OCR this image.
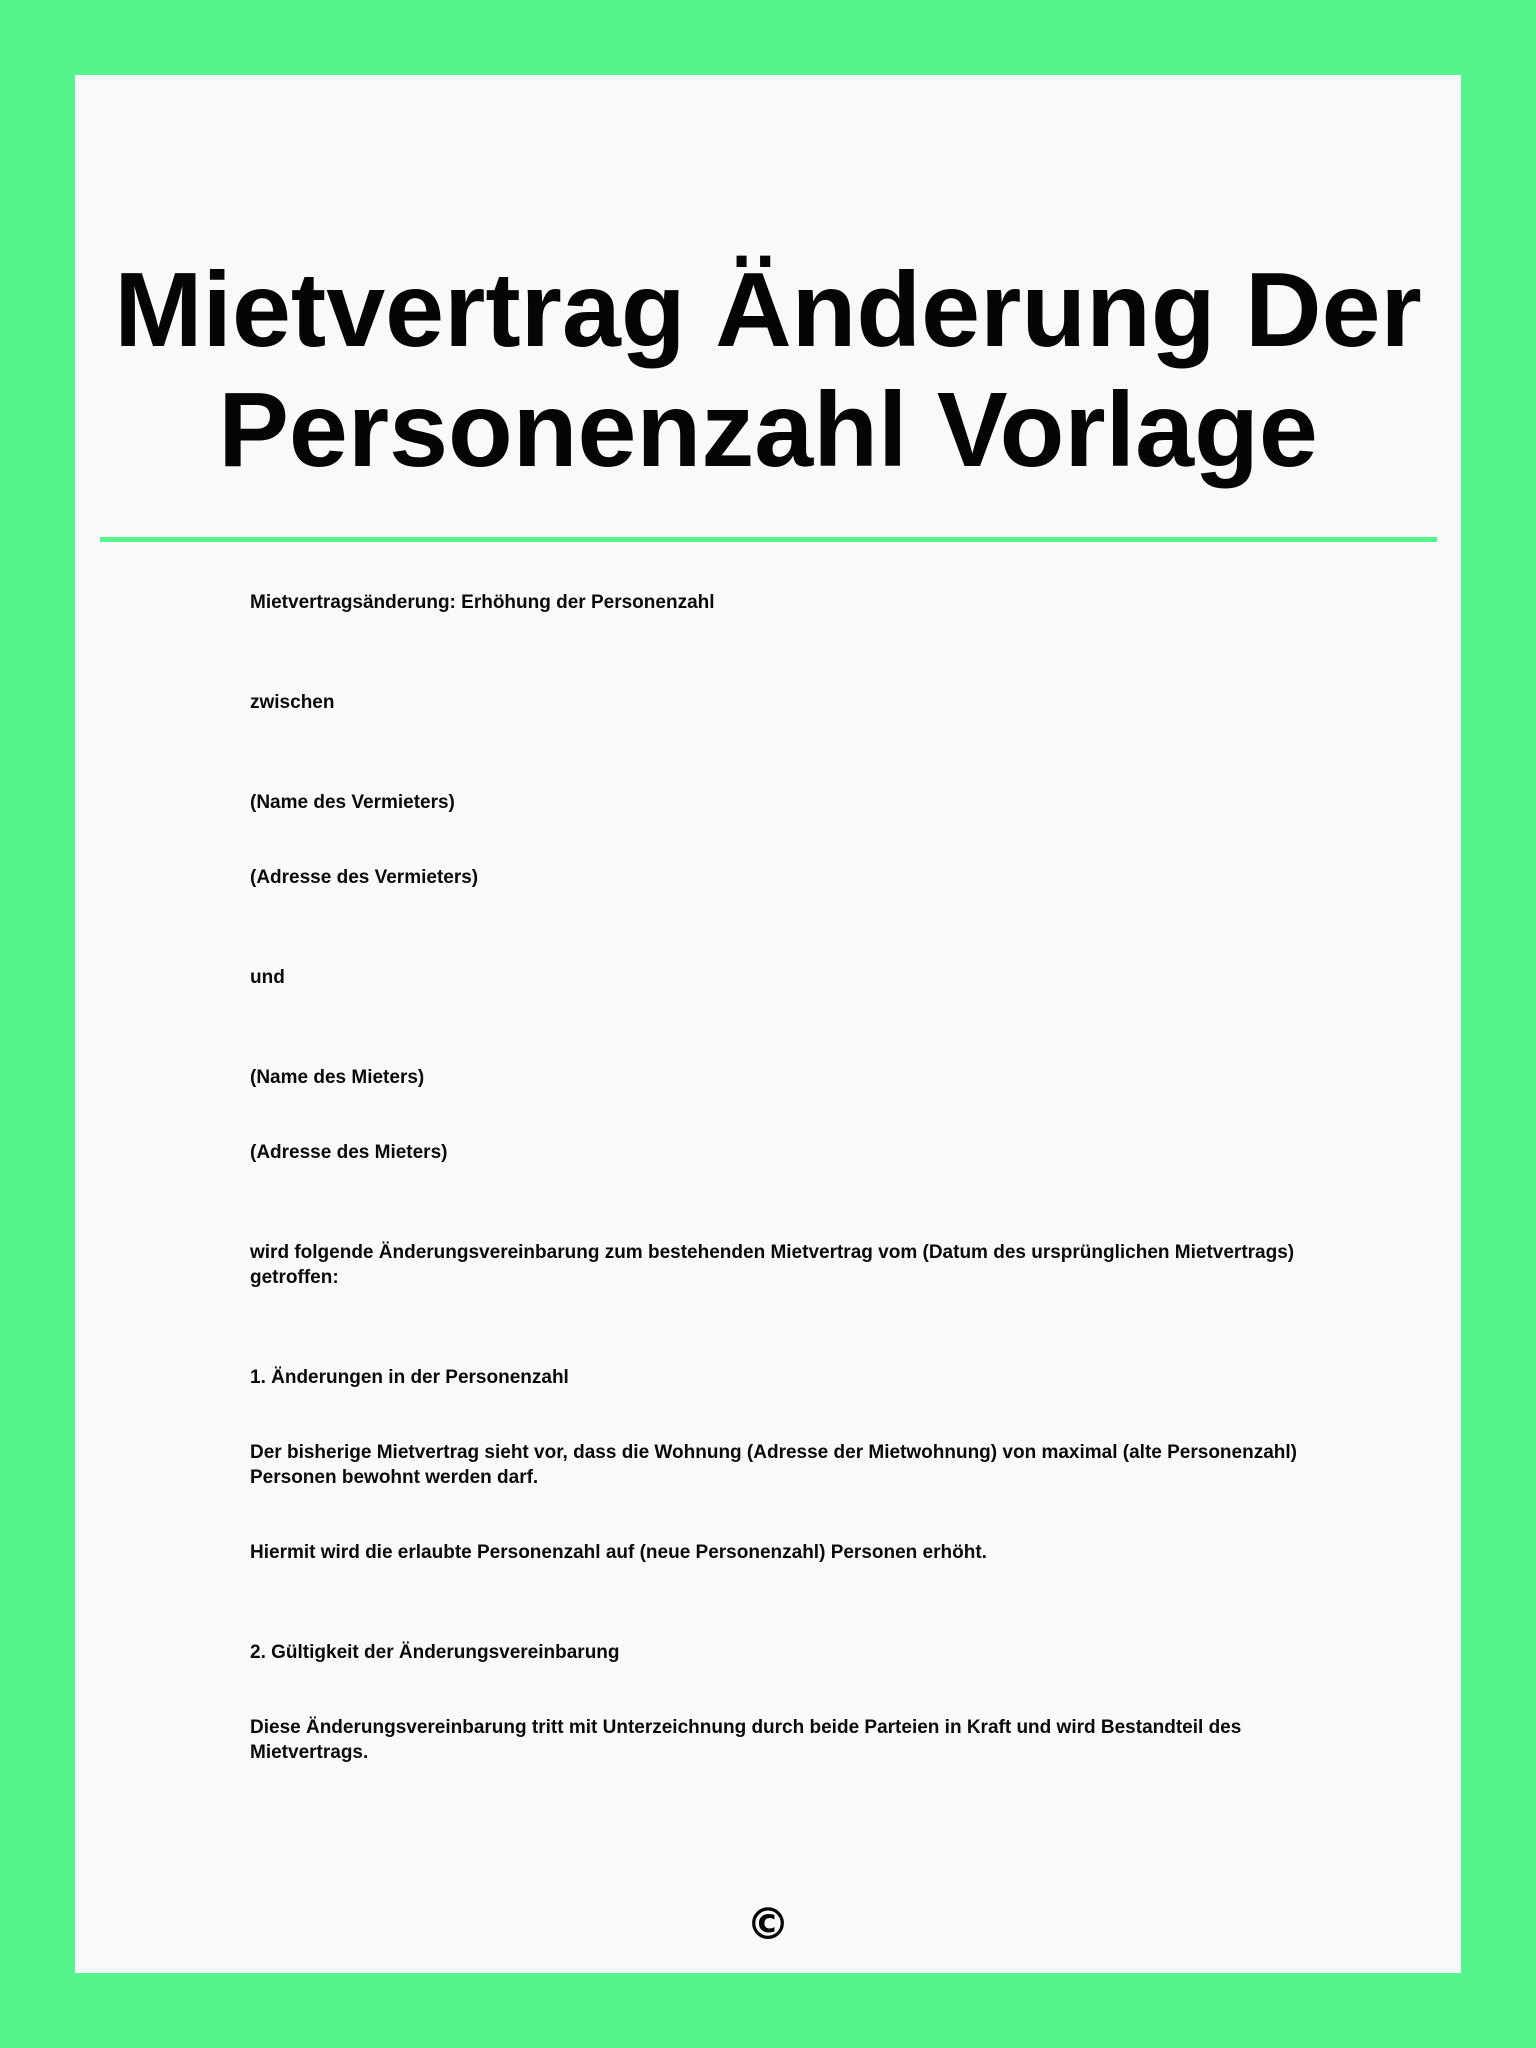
Mietvertrag Änderung Der
Personenzahl Vorlage

Mietvertragsänderung: Erhöhung der Personenzahl

zwischen

(Name des Vermieters)

(Adresse des Vermieters)

und

(Name des Mieters)

(Adresse des Mieters)

wird folgende Änderungsvereinbarung zum bestehenden Mietvertrag vom (Datum des ursprünglichen Mietvertrags) getroffen:

1. Änderungen in der Personenzahl

Der bisherige Mietvertrag sieht vor, dass die Wohnung (Adresse der Mietwohnung) von maximal (alte Personenzahl) Personen bewohnt werden darf.

Hiermit wird die erlaubte Personenzahl auf (neue Personenzahl) Personen erhöht.

2. Gültigkeit der Änderungsvereinbarung

Diese Änderungsvereinbarung tritt mit Unterzeichnung durch beide Parteien in Kraft und wird Bestandteil des Mietvertrags.

©
